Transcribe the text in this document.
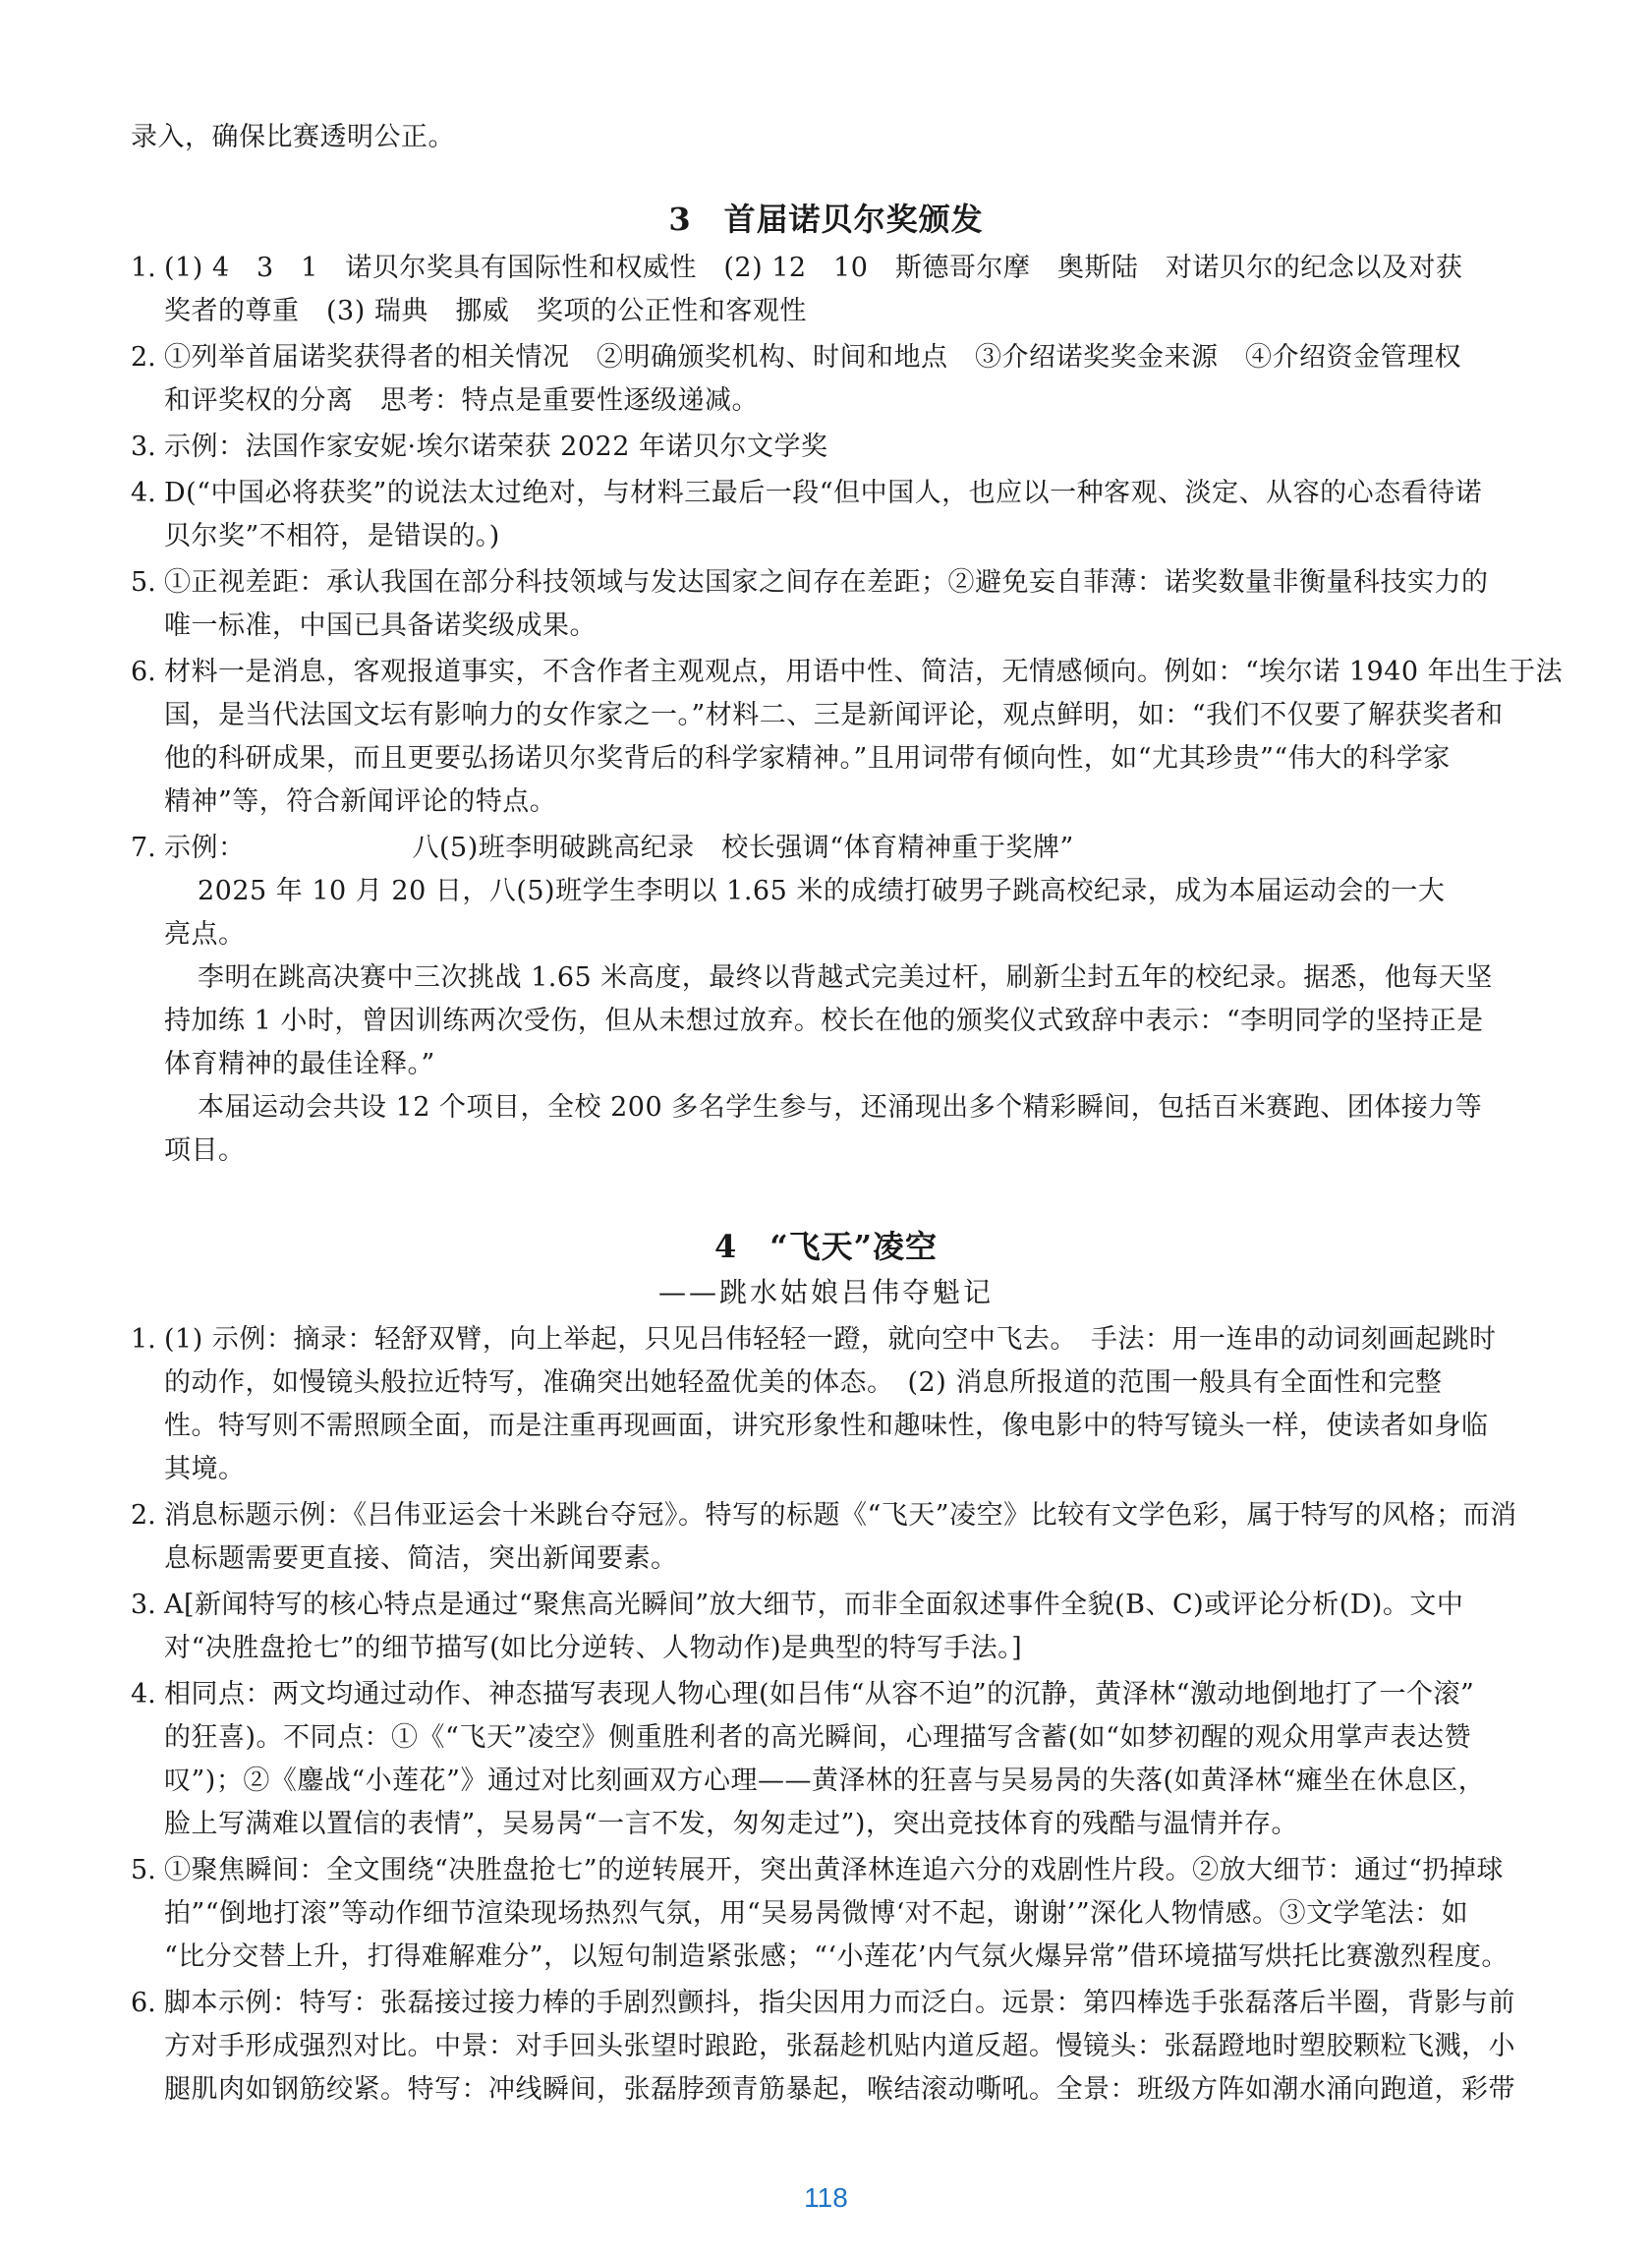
录入，确保比赛透明公正。
3　首届诺贝尔奖颁发
1. (1) 4　3　1　诺贝尔奖具有国际性和权威性　(2) 12　10　斯德哥尔摩　奥斯陆　对诺贝尔的纪念以及对获
奖者的尊重　(3) 瑞典　挪威　奖项的公正性和客观性
2. ①列举首届诺奖获得者的相关情况　②明确颁奖机构、时间和地点　③介绍诺奖奖金来源　④介绍资金管理权
和评奖权的分离　思考：特点是重要性逐级递减。
3. 示例：法国作家安妮·埃尔诺荣获 2022 年诺贝尔文学奖
4. D(“中国必将获奖”的说法太过绝对，与材料三最后一段“但中国人，也应以一种客观、淡定、从容的心态看待诺
贝尔奖”不相符，是错误的。)
5. ①正视差距：承认我国在部分科技领域与发达国家之间存在差距；②避免妄自菲薄：诺奖数量非衡量科技实力的
唯一标准，中国已具备诺奖级成果。
6. 材料一是消息，客观报道事实，不含作者主观观点，用语中性、简洁，无情感倾向。例如：“埃尔诺 1940 年出生于法
国，是当代法国文坛有影响力的女作家之一。”材料二、三是新闻评论，观点鲜明，如：“我们不仅要了解获奖者和
他的科研成果，而且更要弘扬诺贝尔奖背后的科学家精神。”且用词带有倾向性，如“尤其珍贵”“伟大的科学家
精神”等，符合新闻评论的特点。
7. 示例：	八(5)班李明破跳高纪录　校长强调“体育精神重于奖牌”
2025 年 10 月 20 日，八(5)班学生李明以 1.65 米的成绩打破男子跳高校纪录，成为本届运动会的一大
亮点。
李明在跳高决赛中三次挑战 1.65 米高度，最终以背越式完美过杆，刷新尘封五年的校纪录。据悉，他每天坚
持加练 1 小时，曾因训练两次受伤，但从未想过放弃。校长在他的颁奖仪式致辞中表示：“李明同学的坚持正是
体育精神的最佳诠释。”
本届运动会共设 12 个项目，全校 200 多名学生参与，还涌现出多个精彩瞬间，包括百米赛跑、团体接力等
项目。
4　“飞天”凌空
——跳水姑娘吕伟夺魁记
1. (1) 示例：摘录：轻舒双臂，向上举起，只见吕伟轻轻一蹬，就向空中飞去。　手法：用一连串的动词刻画起跳时
的动作，如慢镜头般拉近特写，准确突出她轻盈优美的体态。　(2) 消息所报道的范围一般具有全面性和完整
性。特写则不需照顾全面，而是注重再现画面，讲究形象性和趣味性，像电影中的特写镜头一样，使读者如身临
其境。
2. 消息标题示例：《吕伟亚运会十米跳台夺冠》。特写的标题《“飞天”凌空》比较有文学色彩，属于特写的风格；而消
息标题需要更直接、简洁，突出新闻要素。
3. A[新闻特写的核心特点是通过“聚焦高光瞬间”放大细节，而非全面叙述事件全貌(B、C)或评论分析(D)。文中
对“决胜盘抢七”的细节描写(如比分逆转、人物动作)是典型的特写手法。]
4. 相同点：两文均通过动作、神态描写表现人物心理(如吕伟“从容不迫”的沉静，黄泽林“激动地倒地打了一个滚”
的狂喜)。不同点：①《“飞天”凌空》侧重胜利者的高光瞬间，心理描写含蓄(如“如梦初醒的观众用掌声表达赞
叹”)；②《鏖战“小莲花”》通过对比刻画双方心理——黄泽林的狂喜与吴易昺的失落(如黄泽林“瘫坐在休息区，
脸上写满难以置信的表情”，吴易昺“一言不发，匆匆走过”)，突出竞技体育的残酷与温情并存。
5. ①聚焦瞬间：全文围绕“决胜盘抢七”的逆转展开，突出黄泽林连追六分的戏剧性片段。②放大细节：通过“扔掉球
拍”“倒地打滚”等动作细节渲染现场热烈气氛，用“吴易昺微博‘对不起，谢谢’”深化人物情感。③文学笔法：如
“比分交替上升，打得难解难分”，以短句制造紧张感；“‘小莲花’内气氛火爆异常”借环境描写烘托比赛激烈程度。
6. 脚本示例：特写：张磊接过接力棒的手剧烈颤抖，指尖因用力而泛白。远景：第四棒选手张磊落后半圈，背影与前
方对手形成强烈对比。中景：对手回头张望时踉跄，张磊趁机贴内道反超。慢镜头：张磊蹬地时塑胶颗粒飞溅，小
腿肌肉如钢筋绞紧。特写：冲线瞬间，张磊脖颈青筋暴起，喉结滚动嘶吼。全景：班级方阵如潮水涌向跑道，彩带
118
